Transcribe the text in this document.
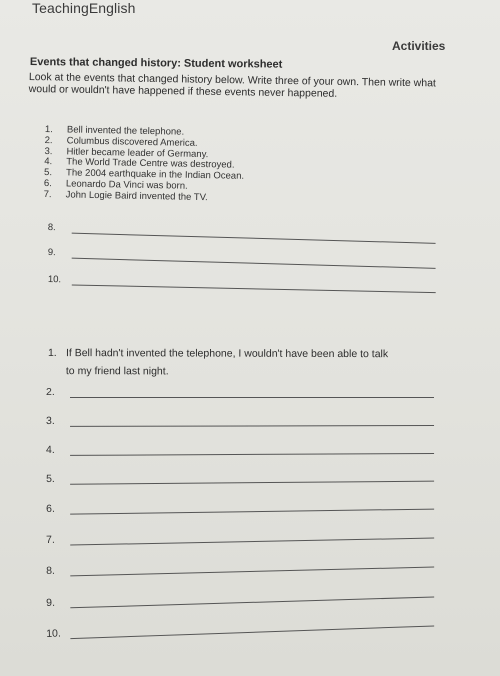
TeachingEnglish
Activities
Events that changed history: Student worksheet
Look at the events that changed history below. Write three of your own. Then write what would or wouldn't have happened if these events never happened.
1.	Bell invented the telephone.
2.	Columbus discovered America.
3.	Hitler became leader of Germany.
4.	The World Trade Centre was destroyed.
5.	The 2004 earthquake in the Indian Ocean.
6.	Leonardo Da Vinci was born.
7.	John Logie Baird invented the TV.
8.
9.
10.
1. If Bell hadn't invented the telephone, I wouldn't have been able to talk
to my friend last night.
2.
3.
4.
5.
6.
7.
8.
9.
10.
